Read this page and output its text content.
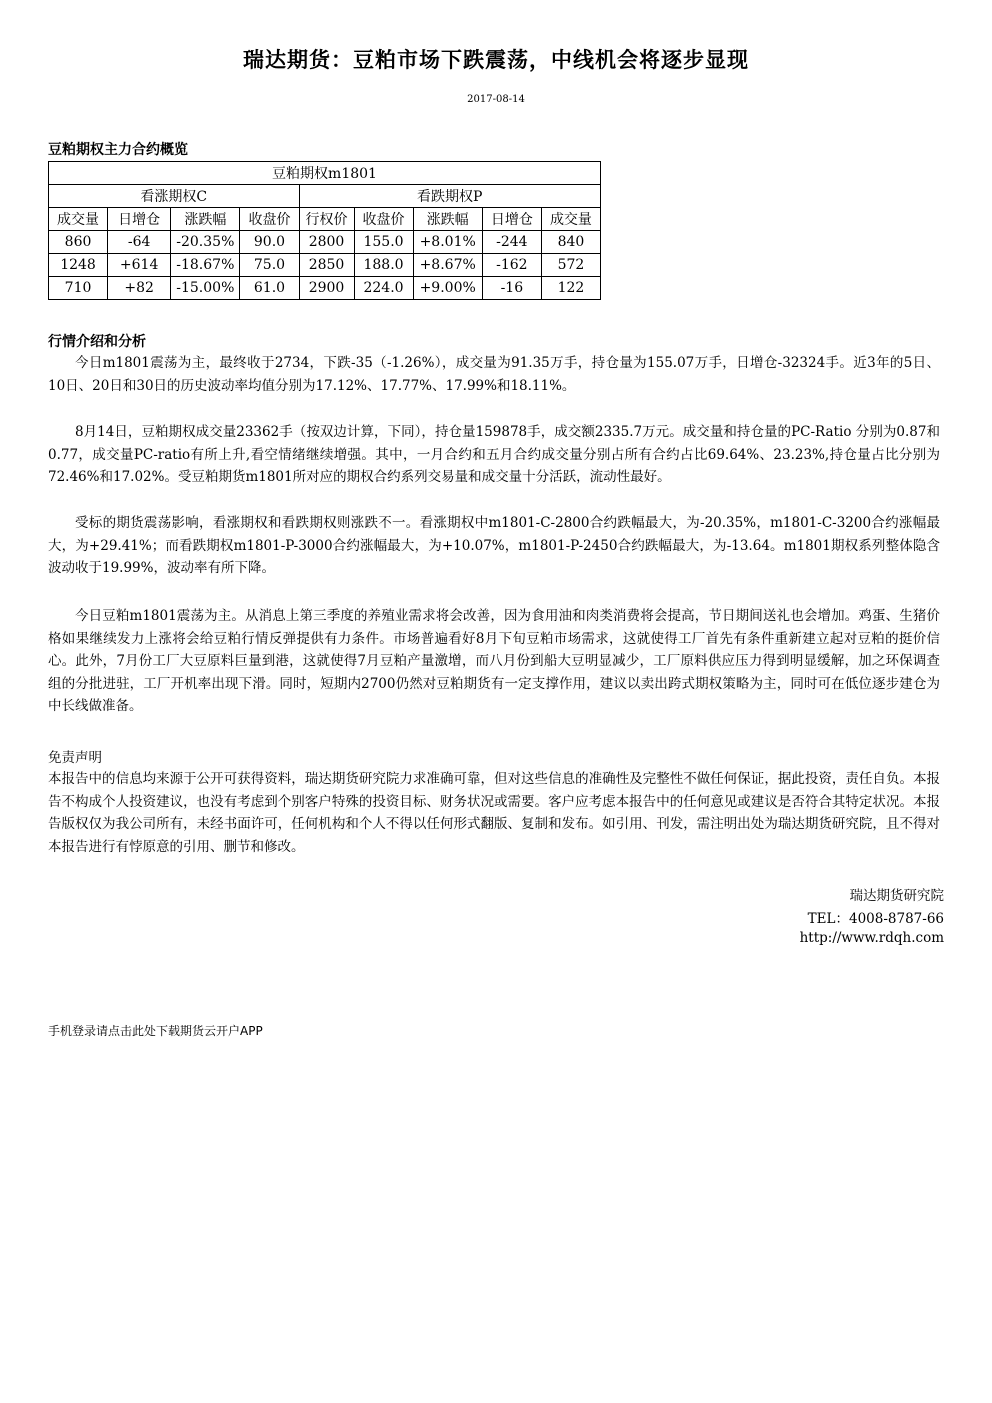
瑞达期货：豆粕市场下跌震荡，中线机会将逐步显现
2017-08-14
豆粕期权主力合约概览
豆粕期权m1801								
看涨期权C				看跌期权P				
成交量	日增仓	涨跌幅	收盘价	行权价	收盘价	涨跌幅	日增仓	成交量
860	-64	-20.35%	90.0	2800	155.0	+8.01%	-244	840
1248	+614	-18.67%	75.0	2850	188.0	+8.67%	-162	572
710	+82	-15.00%	61.0	2900	224.0	+9.00%	-16	122
行情介绍和分析
今日m1801震荡为主，最终收于2734，下跌-35（-1.26%），成交量为91.35万手，持仓量为155.07万手，日增仓-32324手。近3年的5日、10日、20日和30日的历史波动率均值分别为17.12%、17.77%、17.99%和18.11%。
8月14日，豆粕期权成交量23362手（按双边计算，下同），持仓量159878手，成交额2335.7万元。成交量和持仓量的PC-Ratio 分别为0.87和0.77，成交量PC-ratio有所上升,看空情绪继续增强。其中，一月合约和五月合约成交量分别占所有合约占比69.64%、23.23%,持仓量占比分别为72.46%和17.02%。受豆粕期货m1801所对应的期权合约系列交易量和成交量十分活跃，流动性最好。
受标的期货震荡影响，看涨期权和看跌期权则涨跌不一。看涨期权中m1801-C-2800合约跌幅最大，为-20.35%，m1801-C-3200合约涨幅最大，为+29.41%；而看跌期权m1801-P-3000合约涨幅最大，为+10.07%，m1801-P-2450合约跌幅最大，为-13.64。m1801期权系列整体隐含波动收于19.99%，波动率有所下降。
今日豆粕m1801震荡为主。从消息上第三季度的养殖业需求将会改善，因为食用油和肉类消费将会提高，节日期间送礼也会增加。鸡蛋、生猪价格如果继续发力上涨将会给豆粕行情反弹提供有力条件。市场普遍看好8月下旬豆粕市场需求，这就使得工厂首先有条件重新建立起对豆粕的挺价信心。此外，7月份工厂大豆原料巨量到港，这就使得7月豆粕产量激增，而八月份到船大豆明显减少，工厂原料供应压力得到明显缓解，加之环保调查组的分批进驻，工厂开机率出现下滑。同时，短期内2700仍然对豆粕期货有一定支撑作用，建议以卖出跨式期权策略为主，同时可在低位逐步建仓为中长线做准备。
免责声明
本报告中的信息均来源于公开可获得资料，瑞达期货研究院力求准确可靠，但对这些信息的准确性及完整性不做任何保证，据此投资，责任自负。本报告不构成个人投资建议，也没有考虑到个别客户特殊的投资目标、财务状况或需要。客户应考虑本报告中的任何意见或建议是否符合其特定状况。本报告版权仅为我公司所有，未经书面许可，任何机构和个人不得以任何形式翻版、复制和发布。如引用、刊发，需注明出处为瑞达期货研究院，且不得对本报告进行有悖原意的引用、删节和修改。
瑞达期货研究院
TEL：4008-8787-66
http://www.rdqh.com
手机登录请点击此处下载期货云开户APP
